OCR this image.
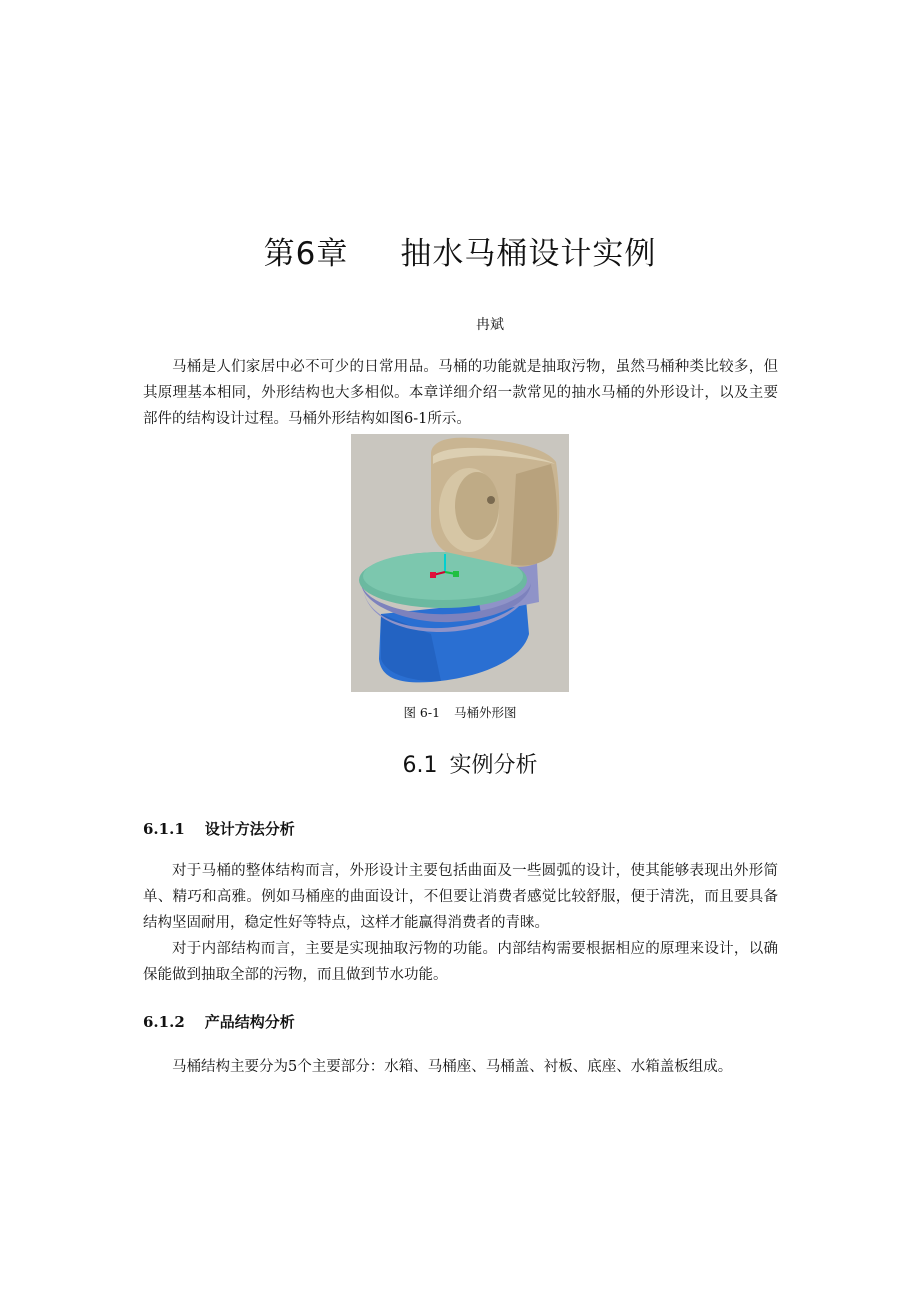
第6章 抽水马桶设计实例
冉斌

马桶是人们家居中必不可少的日常用品。马桶的功能就是抽取污物，虽然马桶种类比较多，但其原理基本相同，外形结构也大多相似。本章详细介绍一款常见的抽水马桶的外形设计，以及主要部件的结构设计过程。马桶外形结构如图6-1所示。

图 6-1 马桶外形图
6.1 实例分析
6.1.1 设计方法分析

对于马桶的整体结构而言，外形设计主要包括曲面及一些圆弧的设计，使其能够表现出外形简单、精巧和高雅。例如马桶座的曲面设计，不但要让消费者感觉比较舒服，便于清洗，而且要具备结构坚固耐用，稳定性好等特点，这样才能赢得消费者的青睐。

对于内部结构而言，主要是实现抽取污物的功能。内部结构需要根据相应的原理来设计，以确保能做到抽取全部的污物，而且做到节水功能。

6.1.2 产品结构分析

马桶结构主要分为5个主要部分：水箱、马桶座、马桶盖、衬板、底座、水箱盖板组成。
